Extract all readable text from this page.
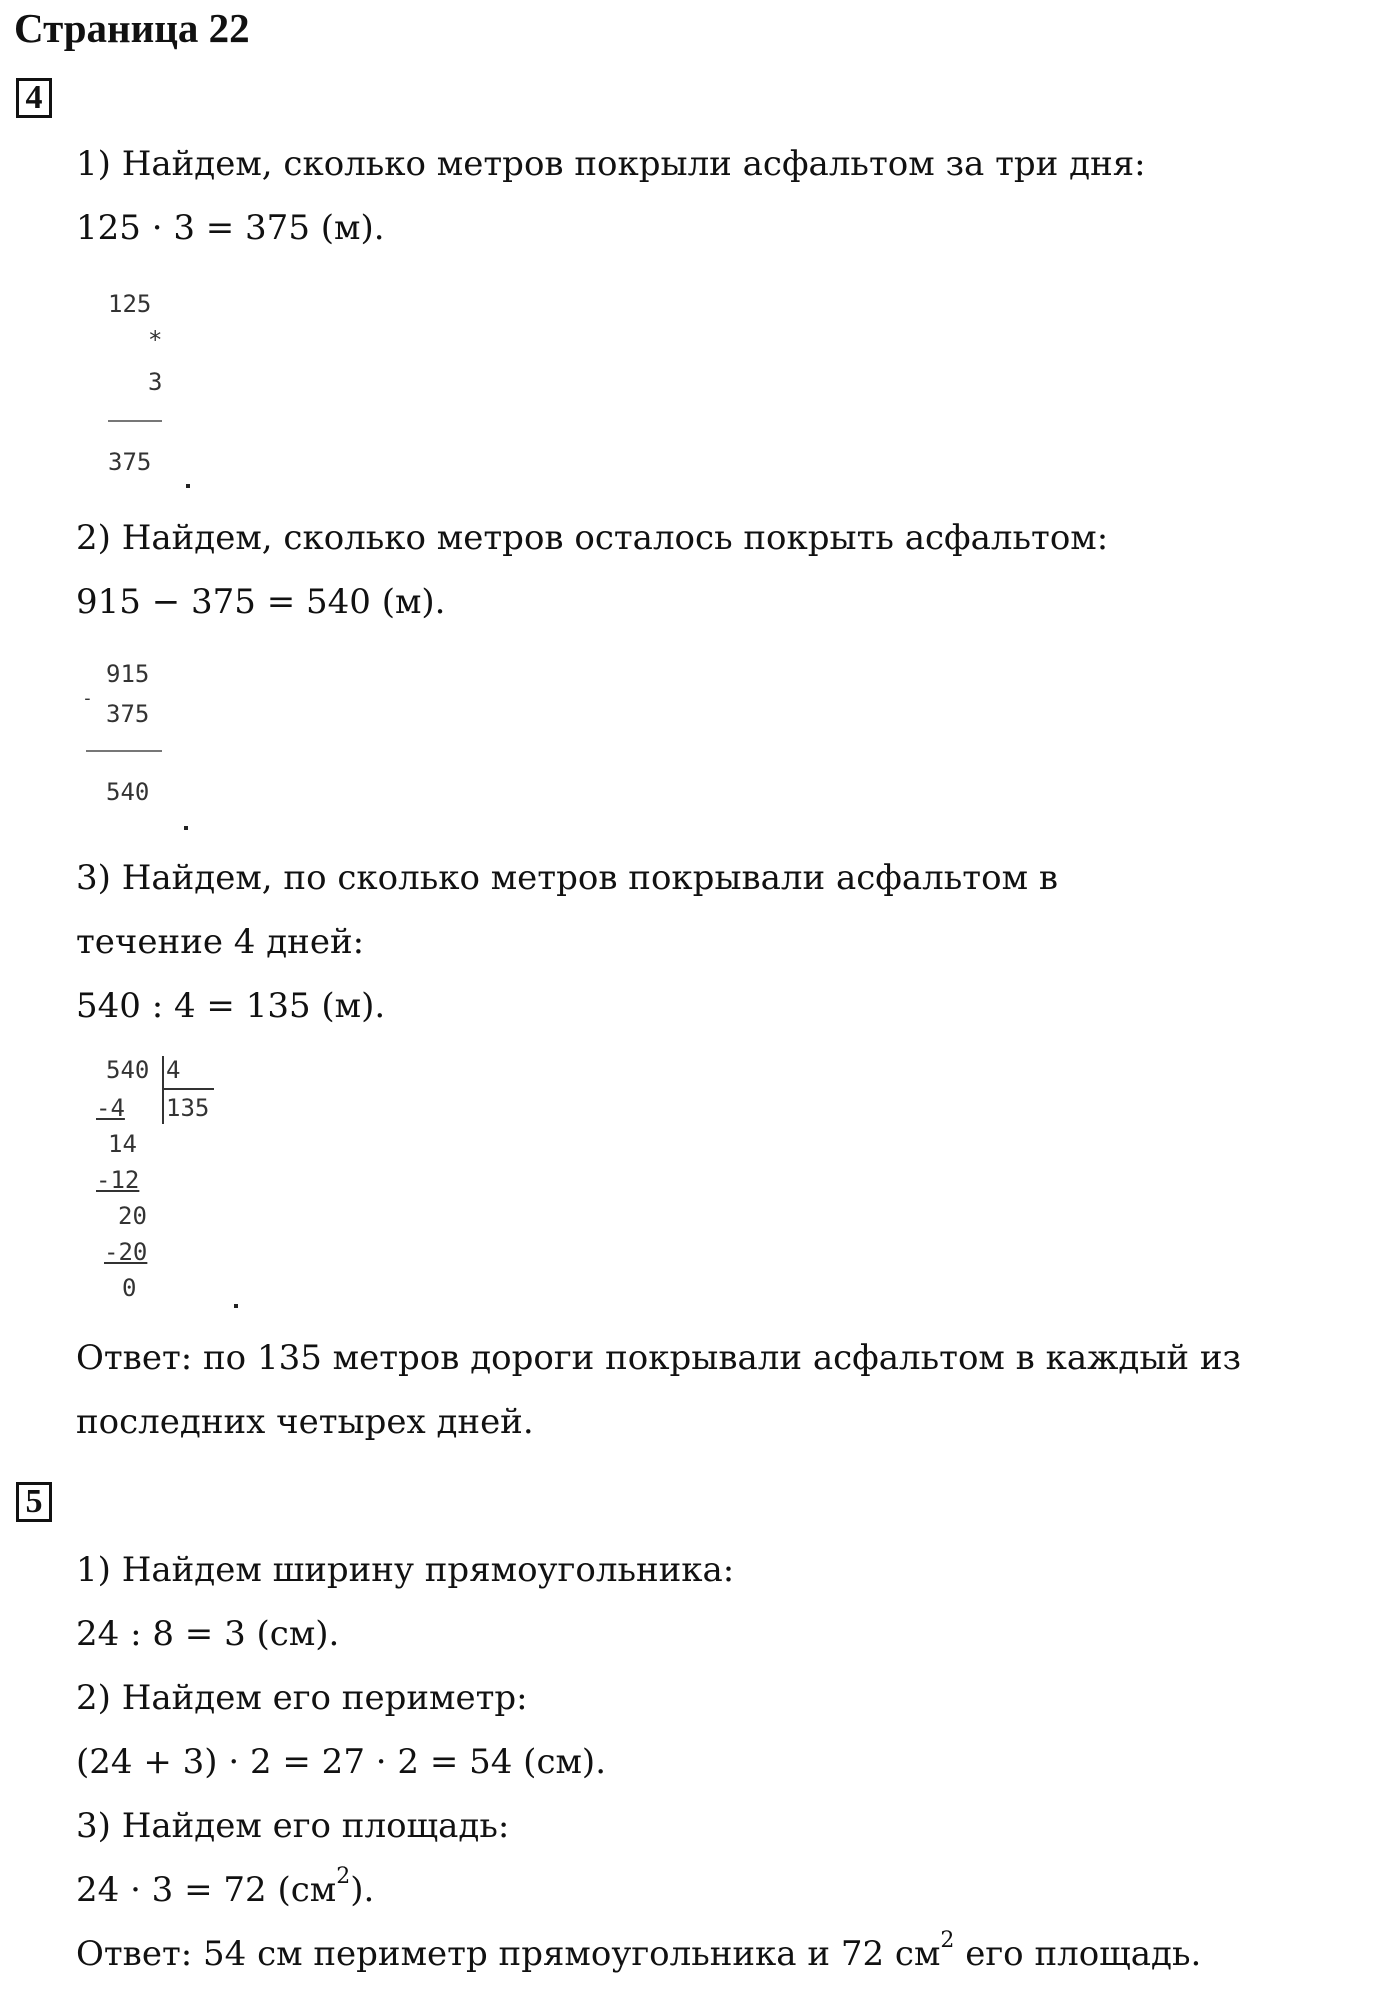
Страница 22
4
1) Найдем, сколько метров покрыли асфальтом за три дня:
125 · 3 = 375 (м).
125
*
3
375
2) Найдем, сколько метров осталось покрыть асфальтом:
915 − 375 = 540 (м).
-
915
375
540
3) Найдем, по сколько метров покрывали асфальтом в
течение 4 дней:
540 : 4 = 135 (м).
540 4
135
-4
14
-12
20
-20
0
Ответ: по 135 метров дороги покрывали асфальтом в каждый из
последних четырех дней.
5
1) Найдем ширину прямоугольника:
24 : 8 = 3 (см).
2) Найдем его периметр:
(24 + 3) · 2 = 27 · 2 = 54 (см).
3) Найдем его площадь:
24 · 3 = 72 $(см^2)$.
Ответ: 54 см периметр прямоугольника и 72 $см^2$ его площадь.
